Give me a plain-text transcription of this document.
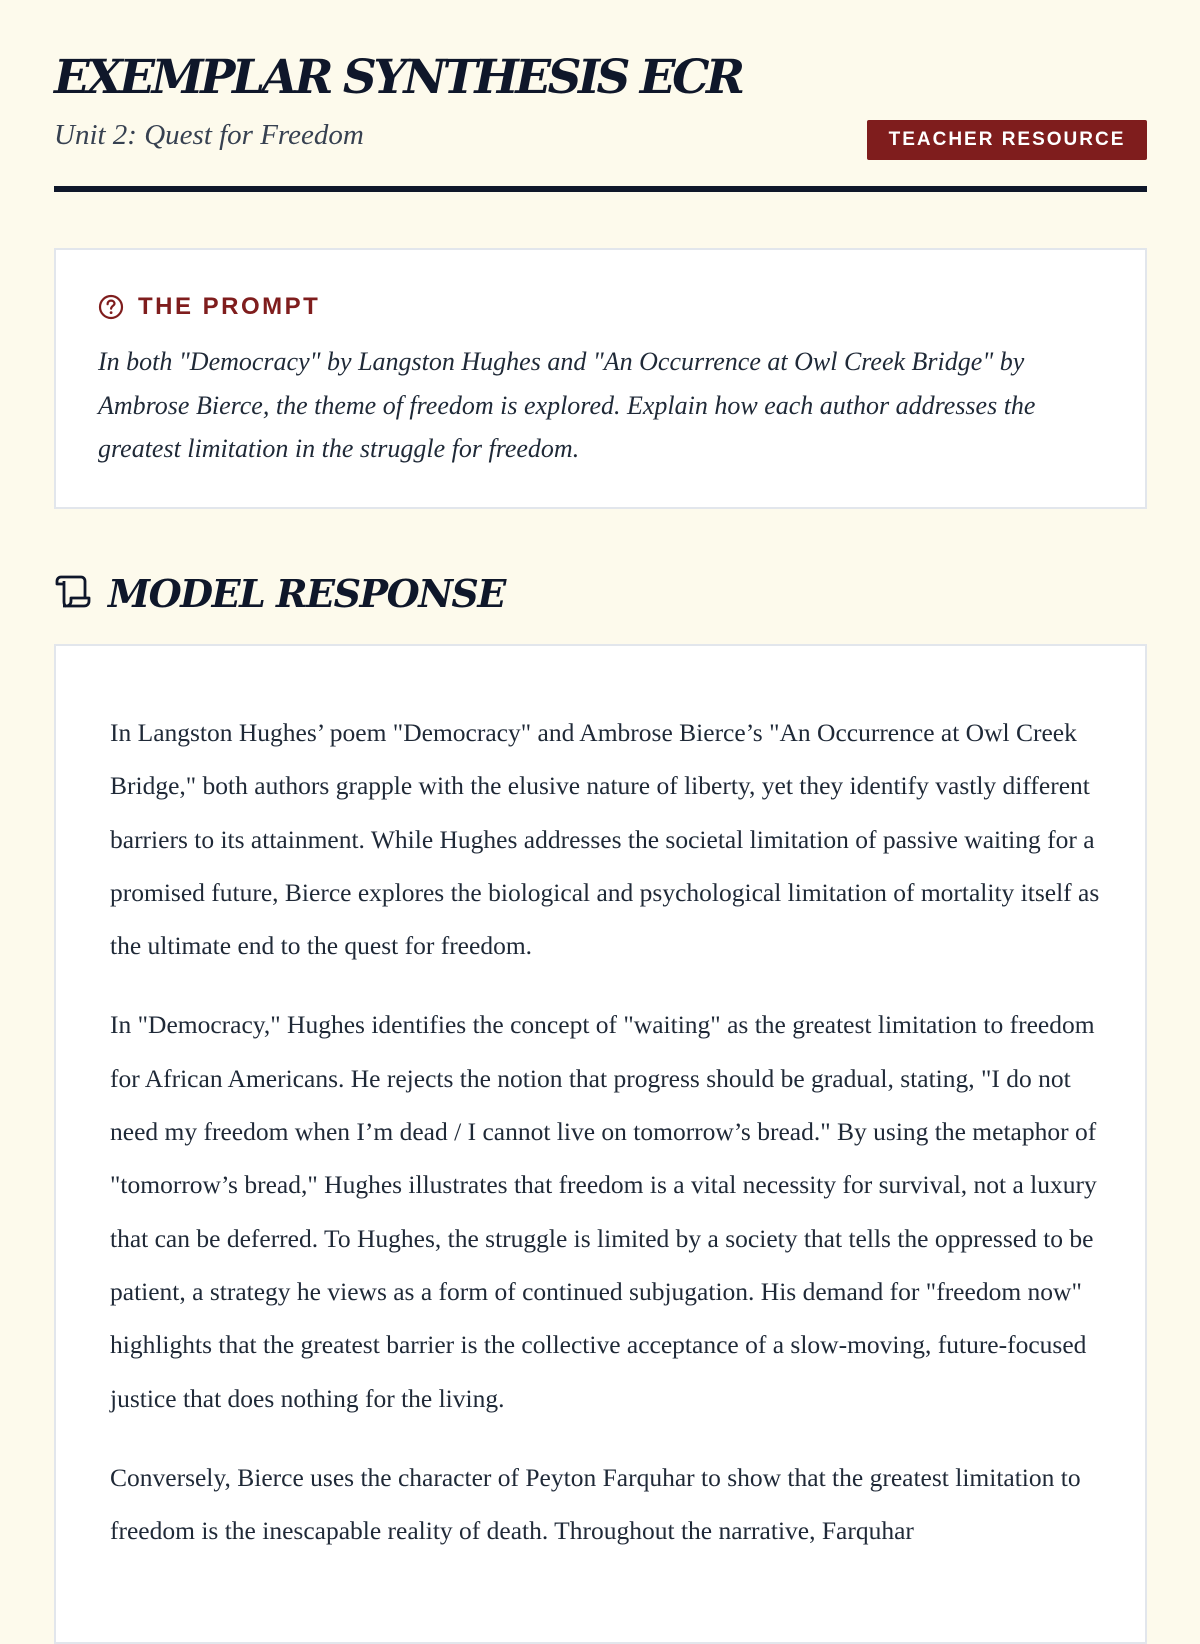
EXEMPLAR SYNTHESIS ECR
Unit 2: Quest for Freedom	TEACHER RESOURCE
THE PROMPT

In both "Democracy" by Langston Hughes and "An Occurrence at Owl Creek Bridge" by Ambrose Bierce, the theme of freedom is explored. Explain how each author addresses the greatest limitation in the struggle for freedom.

MODEL RESPONSE

In Langston Hughes’ poem "Democracy" and Ambrose Bierce’s "An Occurrence at Owl Creek Bridge," both authors grapple with the elusive nature of liberty, yet they identify vastly different barriers to its attainment. While Hughes addresses the societal limitation of passive waiting for a promised future, Bierce explores the biological and psychological limitation of mortality itself as the ultimate end to the quest for freedom.

In "Democracy," Hughes identifies the concept of "waiting" as the greatest limitation to freedom for African Americans. He rejects the notion that progress should be gradual, stating, "I do not need my freedom when I’m dead / I cannot live on tomorrow’s bread." By using the metaphor of "tomorrow’s bread," Hughes illustrates that freedom is a vital necessity for survival, not a luxury that can be deferred. To Hughes, the struggle is limited by a society that tells the oppressed to be patient, a strategy he views as a form of continued subjugation. His demand for "freedom now" highlights that the greatest barrier is the collective acceptance of a slow-moving, future-focused justice that does nothing for the living.

Conversely, Bierce uses the character of Peyton Farquhar to show that the greatest limitation to freedom is the inescapable reality of death. Throughout the narrative, Farquhar
